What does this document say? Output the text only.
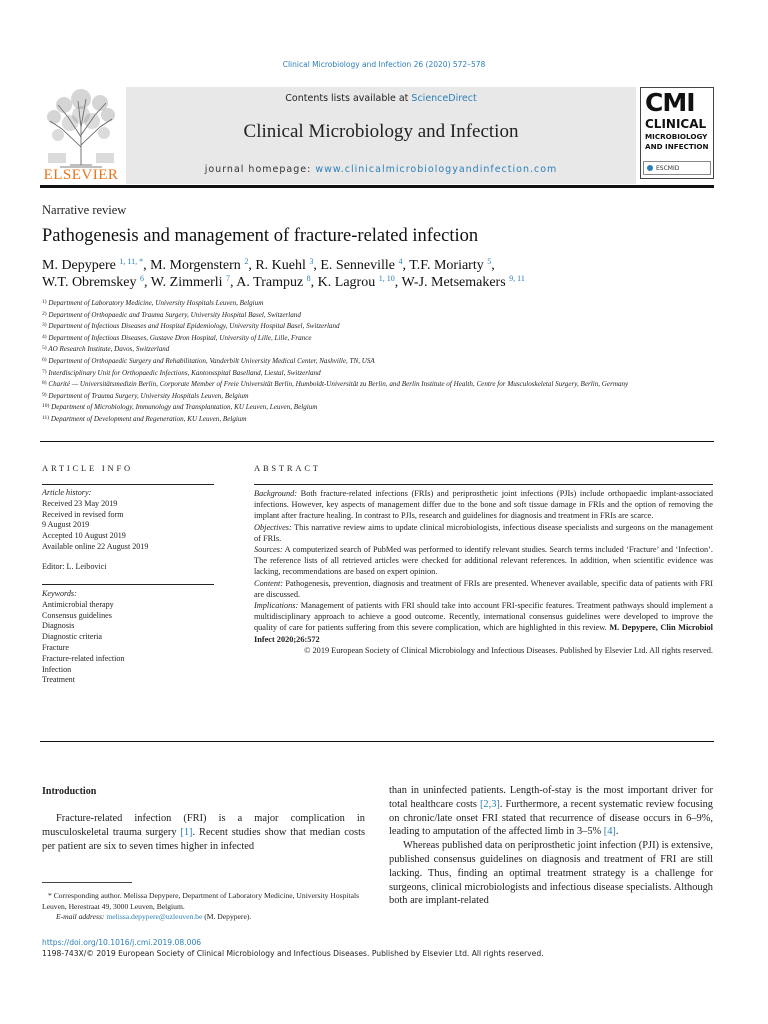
Clinical Microbiology and Infection 26 (2020) 572–578
ELSEVIER
Contents lists available at ScienceDirect
Clinical Microbiology and Infection
journal homepage: www.clinicalmicrobiologyandinfection.com
CMI
CLINICAL
MICROBIOLOGY
AND INFECTION
ESCMID
Narrative review
Pathogenesis and management of fracture-related infection
M. Depypere $^{1, 11, *}$, M. Morgenstern $^2$, R. Kuehl $^3$, E. Senneville $^4$, T.F. Moriarty $^5$,
W.T. Obremskey $^6$, W. Zimmerli $^7$, A. Trampuz $^8$, K. Lagrou $^{1, 10}$, W-J. Metsemakers $^{9, 11}$
$^{1)}$ Department of Laboratory Medicine, University Hospitals Leuven, Belgium
$^{2)}$ Department of Orthopaedic and Trauma Surgery, University Hospital Basel, Switzerland
$^{3)}$ Department of Infectious Diseases and Hospital Epidemiology, University Hospital Basel, Switzerland
$^{4)}$ Department of Infectious Diseases, Gustave Dron Hospital, University of Lille, Lille, France
$^{5)}$ AO Research Institute, Davos, Switzerland
$^{6)}$ Department of Orthopaedic Surgery and Rehabilitation, Vanderbilt University Medical Center, Nashville, TN, USA
$^{7)}$ Interdisciplinary Unit for Orthopaedic Infections, Kantonsspital Baselland, Liestal, Switzerland
$^{8)}$ Charité — Universitätsmedizin Berlin, Corporate Member of Freie Universität Berlin, Humboldt-Universität zu Berlin, and Berlin Institute of Health, Centre for Musculoskeletal Surgery, Berlin, Germany
$^{9)}$ Department of Trauma Surgery, University Hospitals Leuven, Belgium
$^{10)}$ Department of Microbiology, Immunology and Transplantation, KU Leuven, Leuven, Belgium
$^{11)}$ Department of Development and Regeneration, KU Leuven, Belgium
ARTICLE INFO	ABSTRACT
Article history:
Received 23 May 2019
Received in revised form
9 August 2019
Accepted 10 August 2019
Available online 22 August 2019
Editor: L. Leibovici
Keywords:
Antimicrobial therapy
Consensus guidelines
Diagnosis
Diagnostic criteria
Fracture
Fracture-related infection
Infection
Treatment

Background: Both fracture-related infections (FRIs) and periprosthetic joint infections (PJIs) include orthopaedic implant-associated infections. However, key aspects of management differ due to the bone and soft tissue damage in FRIs and the option of removing the implant after fracture healing. In contrast to PJIs, research and guidelines for diagnosis and treatment in FRIs are scarce.

Objectives: This narrative review aims to update clinical microbiologists, infectious disease specialists and surgeons on the management of FRIs.

Sources: A computerized search of PubMed was performed to identify relevant studies. Search terms included ‘Fracture’ and ‘Infection’. The reference lists of all retrieved articles were checked for additional relevant references. In addition, when scientific evidence was lacking, recommendations are based on expert opinion.

Content: Pathogenesis, prevention, diagnosis and treatment of FRIs are presented. Whenever available, specific data of patients with FRI are discussed.

Implications: Management of patients with FRI should take into account FRI-specific features. Treatment pathways should implement a multidisciplinary approach to achieve a good outcome. Recently, international consensus guidelines were developed to improve the quality of care for patients suffering from this severe complication, which are highlighted in this review. M. Depypere, Clin Microbiol Infect 2020;26:572

© 2019 European Society of Clinical Microbiology and Infectious Diseases. Published by Elsevier Ltd. All rights reserved.

Introduction

Fracture-related infection (FRI) is a major complication in musculoskeletal trauma surgery [1]. Recent studies show that median costs per patient are six to seven times higher in infected

than in uninfected patients. Length-of-stay is the most important driver for total healthcare costs [2,3]. Furthermore, a recent systematic review focusing on chronic/late onset FRI stated that recurrence of disease occurs in 6–9%, leading to amputation of the affected limb in 3–5% [4].

Whereas published data on periprosthetic joint infection (PJI) is extensive, published consensus guidelines on diagnosis and treatment of FRI are still lacking. Thus, finding an optimal treatment strategy is a challenge for surgeons, clinical microbiologists and infectious disease specialists. Although both are implant-related

* Corresponding author. Melissa Depypere, Department of Laboratory Medicine, University Hospitals Leuven, Herestraat 49, 3000 Leuven, Belgium.
E-mail address: melissa.depypere@uzleuven.be (M. Depypere).
https://doi.org/10.1016/j.cmi.2019.08.006
1198-743X/© 2019 European Society of Clinical Microbiology and Infectious Diseases. Published by Elsevier Ltd. All rights reserved.
